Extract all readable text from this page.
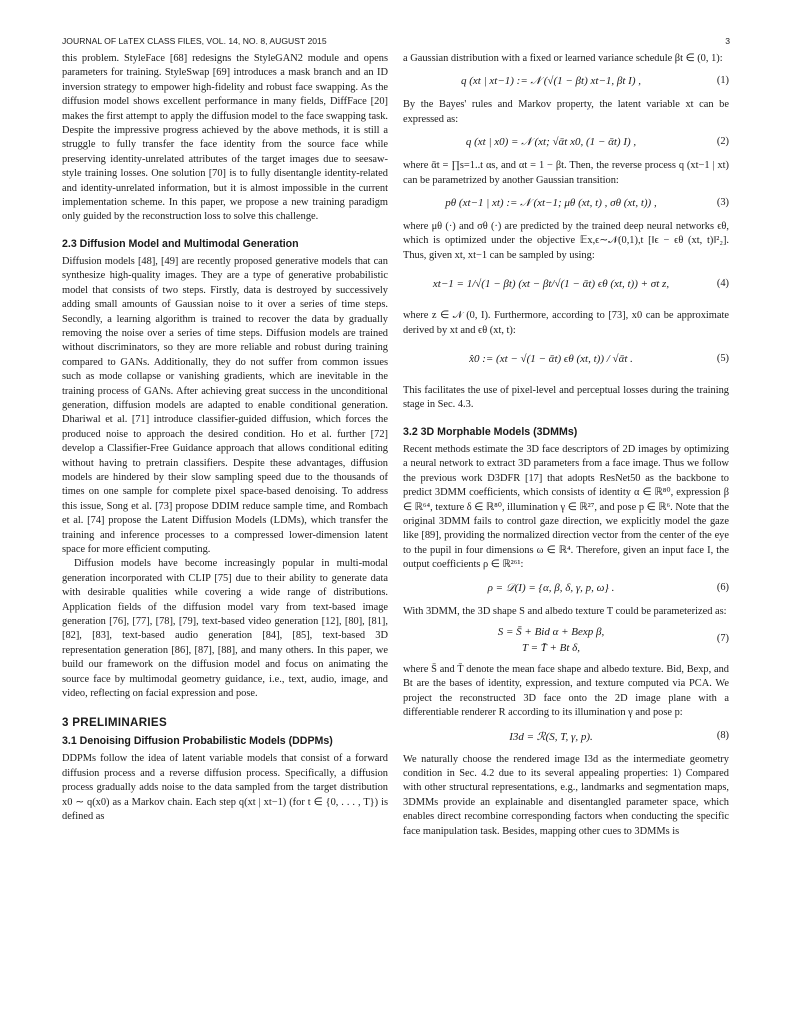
JOURNAL OF LaTEX CLASS FILES, VOL. 14, NO. 8, AUGUST 2015	3

this problem. StyleFace [68] redesigns the StyleGAN2 module and opens parameters for training. StyleSwap [69] introduces a mask branch and an ID inversion strategy to empower high-fidelity and robust face swapping. As the diffusion model shows excellent performance in many fields, DiffFace [20] makes the first attempt to apply the diffusion model to the face swapping task. Despite the impressive progress achieved by the above methods, it is still a struggle to fully transfer the face identity from the source face while preserving identity-unrelated attributes of the target images due to seesaw-style training losses. One solution [70] is to fully disentangle identity-related and identity-unrelated information, but it is almost impossible in the current implementation scheme. In this paper, we propose a new training paradigm only guided by the reconstruction loss to solve this challenge.

2.3 Diffusion Model and Multimodal Generation

Diffusion models [48], [49] are recently proposed generative models that can synthesize high-quality images. They are a type of generative probabilistic model that consists of two steps. Firstly, data is destroyed by successively adding small amounts of Gaussian noise to it over a series of time steps. Secondly, a learning algorithm is trained to recover the data by gradually removing the noise over a series of time steps. Diffusion models are trained without discriminators, so they are more reliable and robust during training compared to GANs. Additionally, they do not suffer from common issues such as mode collapse or vanishing gradients, which are inevitable in the training process of GANs. After achieving great success in the unconditional generation, diffusion models are adapted to enable conditional generation. Dhariwal et al. [71] introduce classifier-guided diffusion, which forces the produced noise to approach the desired condition. Ho et al. further [72] develop a Classifier-Free Guidance approach that allows conditional editing without having to pretrain classifiers. Despite these advantages, diffusion models are hindered by their slow sampling speed due to the thousands of times on one sample for complete pixel space-based denoising. To address this issue, Song et al. [73] propose DDIM reduce sample time, and Rombach et al. [74] propose the Latent Diffusion Models (LDMs), which transfer the training and inference processes to a compressed lower-dimension latent space for more efficient computing.

Diffusion models have become increasingly popular in multi-modal generation incorporated with CLIP [75] due to their ability to generate data with desirable qualities while covering a wide range of distributions. Application fields of the diffusion model vary from text-based image generation [76], [77], [78], [79], text-based video generation [12], [80], [81], [82], [83], text-based audio generation [84], [85], text-based 3D representation generation [86], [87], [88], and many others. In this paper, we build our framework on the diffusion model and focus on animating the source face by multimodal geometry guidance, i.e., text, audio, image, and video, reflecting on facial expression and pose.

3 PRELIMINARIES
3.1 Denoising Diffusion Probabilistic Models (DDPMs)

DDPMs follow the idea of latent variable models that consist of a forward diffusion process and a reverse diffusion process. Specifically, a diffusion process gradually adds noise to the data sampled from the target distribution x0 ∼ q(x0) as a Markov chain. Each step q(xt | xt−1) (for t ∈ {0, . . . , T}) is defined as

a Gaussian distribution with a fixed or learned variance schedule βt ∈ (0, 1):

q (xt | xt−1) := 𝒩 (√(1 − βt) xt−1, βt I) ,	(1)

By the Bayes' rules and Markov property, the latent variable xt can be expressed as:

q (xt | x0) = 𝒩 (xt; √ᾱt x0, (1 − ᾱt) I) ,	(2)

where ᾱt = ∏s=1..t αs, and αt = 1 − βt. Then, the reverse process q (xt−1 | xt) can be parametrized by another Gaussian transition:

pθ (xt−1 | xt) := 𝒩 (xt−1; μθ (xt, t) , σθ (xt, t)) ,	(3)

where μθ (·) and σθ (·) are predicted by the trained deep neural networks ϵθ, which is optimized under the objective 𝔼x,ϵ∼𝒩(0,1),t [‖ϵ − ϵθ (xt, t)‖²₂]. Thus, given xt, xt−1 can be sampled by using:

xt−1 = 1/√(1 − βt) (xt − βt/√(1 − ᾱt) ϵθ (xt, t)) + σt z,	(4)

where z ∈ 𝒩 (0, I). Furthermore, according to [73], x0 can be approximate derived by xt and ϵθ (xt, t):

x̂0 := (xt − √(1 − ᾱt) ϵθ (xt, t)) / √ᾱt .	(5)

This facilitates the use of pixel-level and perceptual losses during the training stage in Sec. 4.3.

3.2 3D Morphable Models (3DMMs)

Recent methods estimate the 3D face descriptors of 2D images by optimizing a neural network to extract 3D parameters from a face image. Thus we follow the previous work D3DFR [17] that adopts ResNet50 as the backbone to predict 3DMM coefficients, which consists of identity α ∈ ℝ⁸⁰, expression β ∈ ℝ⁶⁴, texture δ ∈ ℝ⁸⁰, illumination γ ∈ ℝ²⁷, and pose p ∈ ℝ⁶. Note that the original 3DMM fails to control gaze direction, we explicitly model the gaze like [89], providing the normalized direction vector from the center of the eye to the pupil in four dimensions ω ∈ ℝ⁴. Therefore, given an input face I, the output coefficients ρ ∈ ℝ²⁶¹:

ρ = 𝒟(I) = {α, β, δ, γ, p, ω} .	(6)

With 3DMM, the 3D shape S and albedo texture T could be parameterized as:

S = S̄ + Bid α + Bexp β,
T = T̄ + Bt δ,
(7)

where S̄ and T̄ denote the mean face shape and albedo texture. Bid, Bexp, and Bt are the bases of identity, expression, and texture computed via PCA. We project the reconstructed 3D face onto the 2D image plane with a differentiable renderer R according to its illumination γ and pose p:

I3d = ℛ(S, T, γ, p).	(8)

We naturally choose the rendered image I3d as the intermediate geometry condition in Sec. 4.2 due to its several appealing properties: 1) Compared with other structural representations, e.g., landmarks and segmentation maps, 3DMMs provide an explainable and disentangled parameter space, which enables direct recombine corresponding factors when conducting the specific face manipulation task. Besides, mapping other cues to 3DMMs is
